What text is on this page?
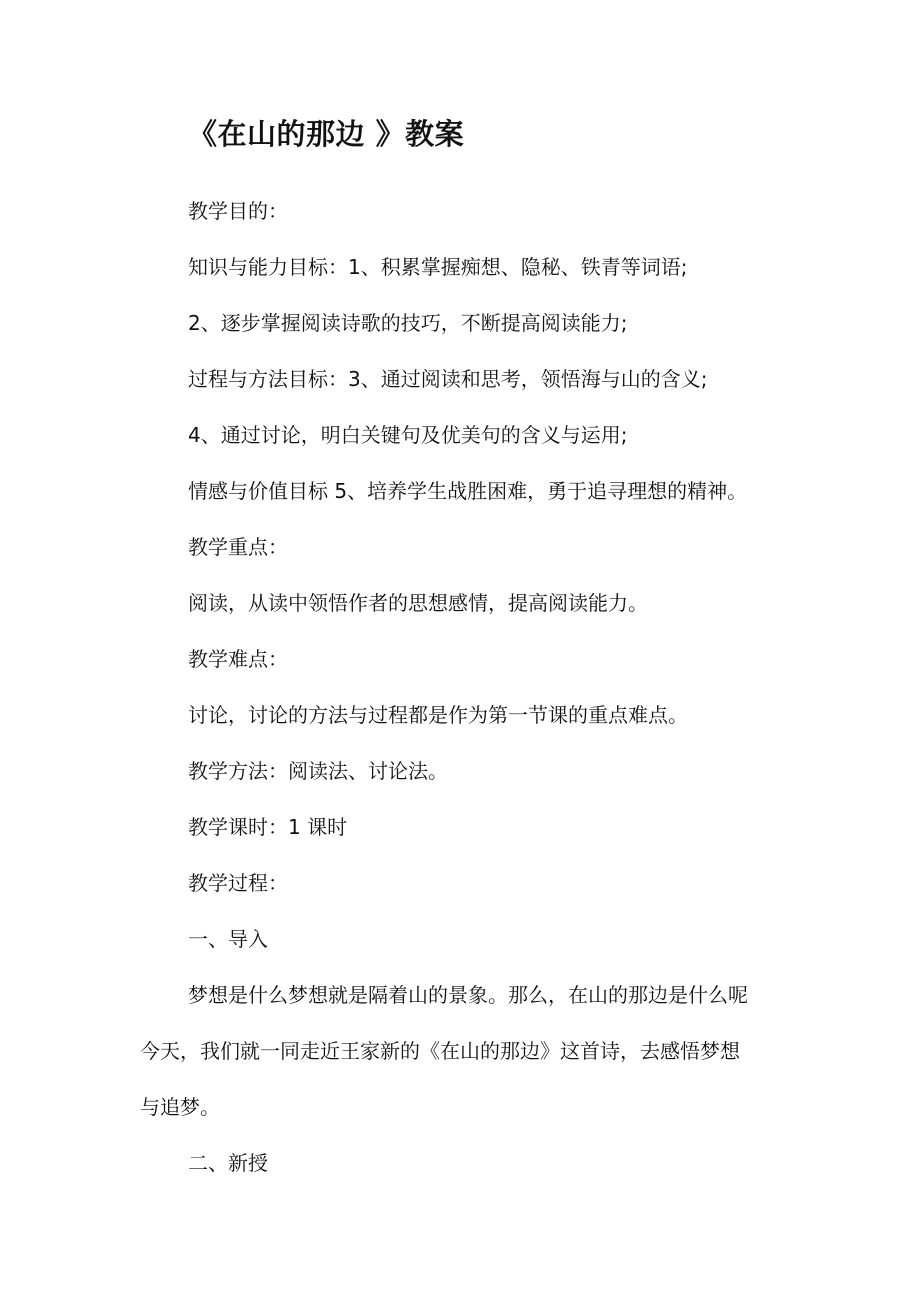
《在山的那边 》教案

教学目的：

知识与能力目标：1、积累掌握痴想、隐秘、铁青等词语;

2、逐步掌握阅读诗歌的技巧，不断提高阅读能力;

过程与方法目标：3、通过阅读和思考，领悟海与山的含义;

4、通过讨论，明白关键句及优美句的含义与运用;

情感与价值目标 5、培养学生战胜困难，勇于追寻理想的精神。

教学重点：

阅读，从读中领悟作者的思想感情，提高阅读能力。

教学难点：

讨论，讨论的方法与过程都是作为第一节课的重点难点。

教学方法：阅读法、讨论法。

教学课时：1 课时

教学过程：

一、导入

梦想是什么梦想就是隔着山的景象。那么，在山的那边是什么呢

今天，我们就一同走近王家新的《在山的那边》这首诗，去感悟梦想

与追梦。

二、新授
